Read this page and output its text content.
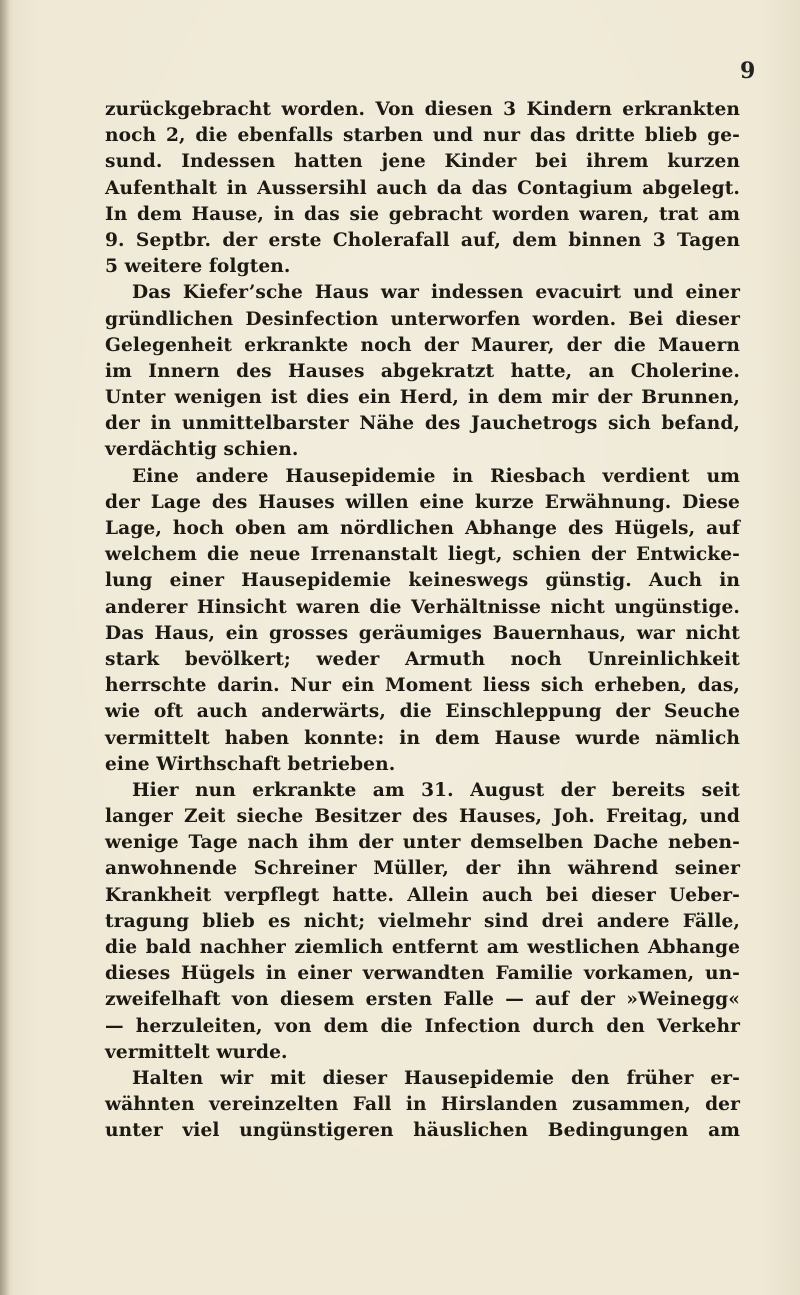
9
zurückgebracht worden. Von diesen 3 Kindern erkrankten
noch 2, die ebenfalls starben und nur das dritte blieb ge-
sund. Indessen hatten jene Kinder bei ihrem kurzen
Aufenthalt in Aussersihl auch da das Contagium abgelegt.
In dem Hause, in das sie gebracht worden waren, trat am
9. Septbr. der erste Cholerafall auf, dem binnen 3 Tagen
5 weitere folgten.
Das Kiefer’sche Haus war indessen evacuirt und einer
gründlichen Desinfection unterworfen worden. Bei dieser
Gelegenheit erkrankte noch der Maurer, der die Mauern
im Innern des Hauses abgekratzt hatte, an Cholerine.
Unter wenigen ist dies ein Herd, in dem mir der Brunnen,
der in unmittelbarster Nähe des Jauchetrogs sich befand,
verdächtig schien.
Eine andere Hausepidemie in Riesbach verdient um
der Lage des Hauses willen eine kurze Erwähnung. Diese
Lage, hoch oben am nördlichen Abhange des Hügels, auf
welchem die neue Irrenanstalt liegt, schien der Entwicke-
lung einer Hausepidemie keineswegs günstig. Auch in
anderer Hinsicht waren die Verhältnisse nicht ungünstige.
Das Haus, ein grosses geräumiges Bauernhaus, war nicht
stark bevölkert; weder Armuth noch Unreinlichkeit
herrschte darin. Nur ein Moment liess sich erheben, das,
wie oft auch anderwärts, die Einschleppung der Seuche
vermittelt haben konnte: in dem Hause wurde nämlich
eine Wirthschaft betrieben.
Hier nun erkrankte am 31. August der bereits seit
langer Zeit sieche Besitzer des Hauses, Joh. Freitag, und
wenige Tage nach ihm der unter demselben Dache neben-
anwohnende Schreiner Müller, der ihn während seiner
Krankheit verpflegt hatte. Allein auch bei dieser Ueber-
tragung blieb es nicht; vielmehr sind drei andere Fälle,
die bald nachher ziemlich entfernt am westlichen Abhange
dieses Hügels in einer verwandten Familie vorkamen, un-
zweifelhaft von diesem ersten Falle — auf der »Weinegg«
— herzuleiten, von dem die Infection durch den Verkehr
vermittelt wurde.
Halten wir mit dieser Hausepidemie den früher er-
wähnten vereinzelten Fall in Hirslanden zusammen, der
unter viel ungünstigeren häuslichen Bedingungen am
